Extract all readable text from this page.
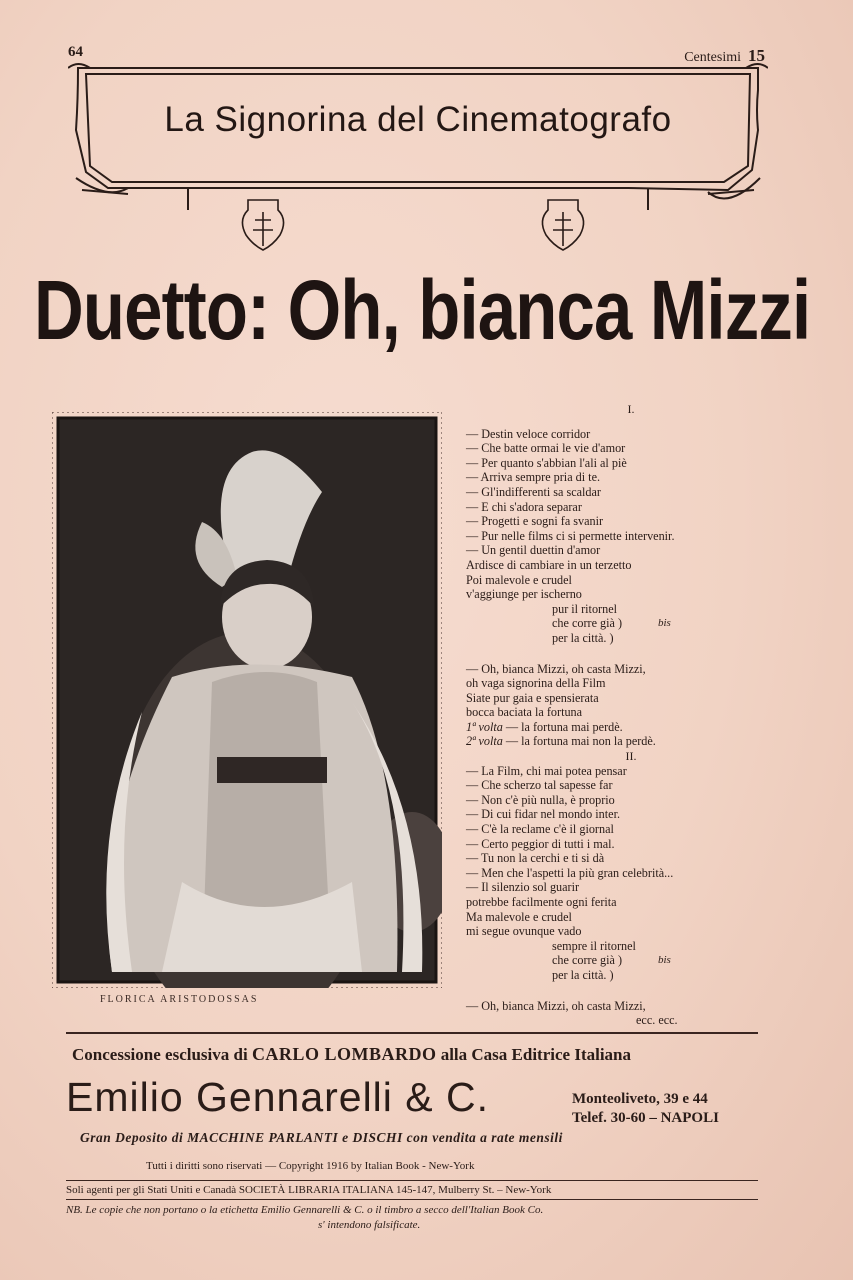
64	Centesimi 15
La Signorina del Cinematografo
Duetto: Oh, bianca Mizzi
FLORICA ARISTODOSSAS
I.
— Destin veloce corridor
— Che batte ormai le vie d'amor
— Per quanto s'abbian l'ali al piè
— Arriva sempre pria di te.
— Gl'indifferenti sa scaldar
— E chi s'adora separar
— Progetti e sogni fa svanir
— Pur nelle films ci si permette intervenir.
— Un gentil duettin d'amor
Ardisce di cambiare in un terzetto
Poi malevole e crudel
v'aggiunge per ischerno
pur il ritornel
che corre già )
per la città. )
bis
— Oh, bianca Mizzi, oh casta Mizzi,
oh vaga signorina della Film
Siate pur gaia e spensierata
bocca baciata la fortuna
1ª volta — la fortuna mai perdè.
2ª volta — la fortuna mai non la perdè.
II.
— La Film, chi mai potea pensar
— Che scherzo tal sapesse far
— Non c'è più nulla, è proprio
— Di cui fidar nel mondo inter.
— C'è la reclame c'è il giornal
— Certo peggior di tutti i mal.
— Tu non la cerchi e ti si dà
— Men che l'aspetti la più gran celebrità...
— Il silenzio sol guarir
potrebbe facilmente ogni ferita
Ma malevole e crudel
mi segue ovunque vado
sempre il ritornel
che corre già )
per la città. )
bis
— Oh, bianca Mizzi, oh casta Mizzi,
ecc. ecc.
Concessione esclusiva di CARLO LOMBARDO alla Casa Editrice Italiana
Emilio Gennarelli & C.	Monteoliveto, 39 e 44
Telef. 30-60 – NAPOLI
Gran Deposito di MACCHINE PARLANTI e DISCHI con vendita a rate mensili
Tutti i diritti sono riservati — Copyright 1916 by Italian Book - New-York
Soli agenti per gli Stati Uniti e Canadà SOCIETÀ LIBRARIA ITALIANA 145-147, Mulberry St. – New-York
NB. Le copie che non portano o la etichetta Emilio Gennarelli & C. o il timbro a secco dell'Italian Book Co.
s' intendono falsificate.
